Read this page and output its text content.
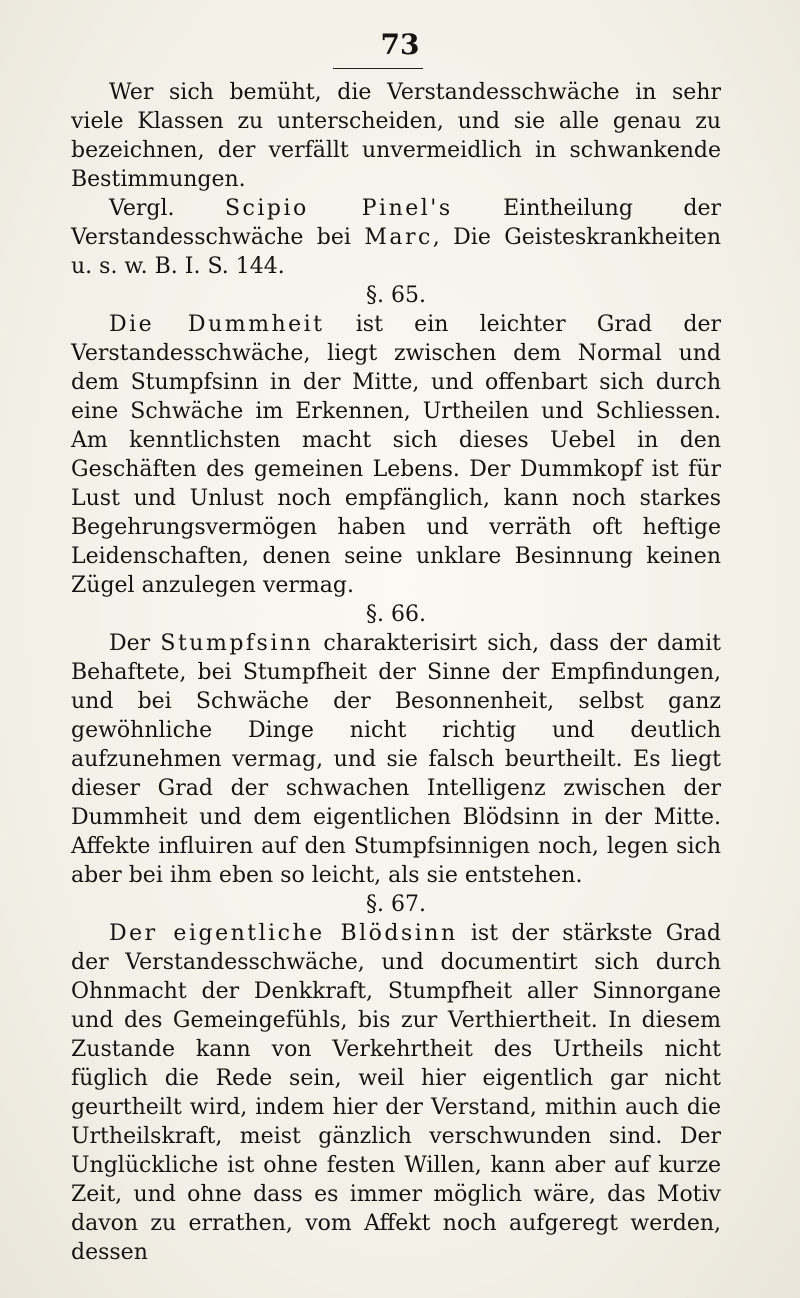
73

Wer sich bemüht, die Verstandesschwäche in sehr viele Klassen zu unterscheiden, und sie alle genau zu bezeichnen, der verfällt unvermeidlich in schwankende Bestimmungen.

Vergl. Scipio Pinel's Eintheilung der Verstandesschwäche bei Marc, Die Geisteskrankheiten u. s. w. B. I. S. 144.

§. 65.

Die Dummheit ist ein leichter Grad der Verstandesschwäche, liegt zwischen dem Normal und dem Stumpfsinn in der Mitte, und offenbart sich durch eine Schwäche im Erkennen, Urtheilen und Schliessen. Am kenntlichsten macht sich dieses Uebel in den Geschäften des gemeinen Lebens. Der Dummkopf ist für Lust und Unlust noch empfänglich, kann noch starkes Begehrungsvermögen haben und verräth oft heftige Leidenschaften, denen seine unklare Besinnung keinen Zügel anzulegen vermag.

§. 66.

Der Stumpfsinn charakterisirt sich, dass der damit Behaftete, bei Stumpfheit der Sinne der Empfindungen, und bei Schwäche der Besonnenheit, selbst ganz gewöhnliche Dinge nicht richtig und deutlich aufzunehmen vermag, und sie falsch beurtheilt. Es liegt dieser Grad der schwachen Intelligenz zwischen der Dummheit und dem eigentlichen Blödsinn in der Mitte. Affekte influiren auf den Stumpfsinnigen noch, legen sich aber bei ihm eben so leicht, als sie entstehen.

§. 67.

Der eigentliche Blödsinn ist der stärkste Grad der Verstandesschwäche, und documentirt sich durch Ohnmacht der Denkkraft, Stumpfheit aller Sinnorgane und des Gemeingefühls, bis zur Verthiertheit. In diesem Zustande kann von Verkehrtheit des Urtheils nicht füglich die Rede sein, weil hier eigentlich gar nicht geurtheilt wird, indem hier der Verstand, mithin auch die Urtheilskraft, meist gänzlich verschwunden sind. Der Unglückliche ist ohne festen Willen, kann aber auf kurze Zeit, und ohne dass es immer möglich wäre, das Motiv davon zu errathen, vom Affekt noch aufgeregt werden, dessen
